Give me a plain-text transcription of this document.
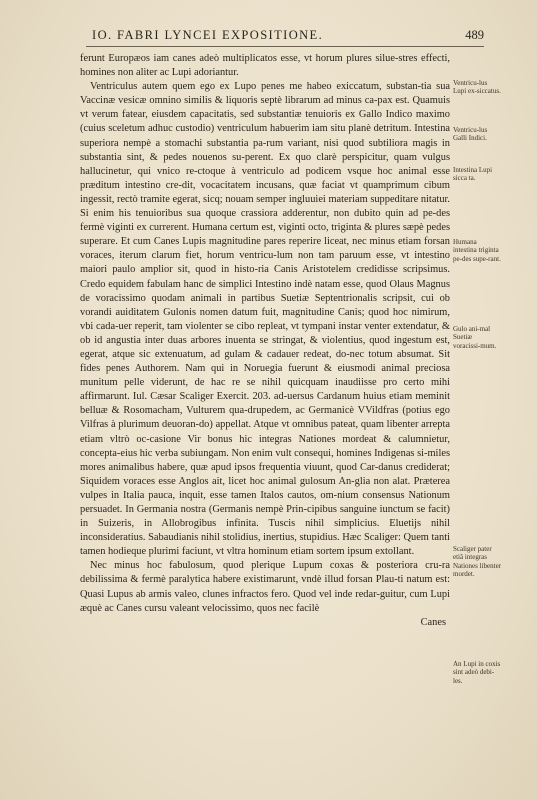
IO. FABRI LYNCEI EXPOSITIONE.	489

ferunt Europæos iam canes adeò multiplicatos esse, vt horum plures silue-stres effecti, homines non aliter ac Lupi adoriantur.

Ventriculus autem quem ego ex Lupo penes me habeo exiccatum, substan-tia sua Vaccinæ vesicæ omnino similis & liquoris septè librarum ad minus ca-pax est. Quamuis vt verum fatear, eiusdem capacitatis, sed substantiæ tenuioris ex Gallo Indico maximo (cuius sceletum adhuc custodio) ventriculum habuerim iam situ planè detritum. Intestina superiora nempè a stomachi substantia pa-rum variant, nisi quod subtiliora magis in substantia sint, & pedes nouenos su-perent. Ex quo clarè perspicitur, quam vulgus hallucinetur, qui vnico re-ctoque à ventriculo ad podicem vsque hoc animal esse præditum intestino cre-dit, vocacitatem incusans, quæ faciat vt quamprimum cibum ingessit, rectò tramite egerat, sicq; nouam semper ingluuiei materiam suppeditare nitatur. Si enim his tenuioribus sua quoque crassiora adderentur, non dubito quin ad pe-des fermè viginti ex currerent. Humana certum est, viginti octo, triginta & plures sæpè pedes superare. Et cum Canes Lupis magnitudine pares reperire liceat, nec minus etiam forsan voraces, iterum clarum fiet, horum ventricu-lum non tam paruum esse, vt intestino maiori paulo amplior sit, quod in histo-ria Canis Aristotelem credidisse scripsimus. Credo equidem fabulam hanc de simplici Intestino indè natam esse, quod Olaus Magnus de voracissimo quodam animali in partibus Suetiæ Septentrionalis scripsit, cui ob vorandi auiditatem Gulonis nomen datum fuit, magnitudine Canis; quod hoc nimirum, vbi cada-uer reperit, tam violenter se cibo repleat, vt tympani instar venter extendatur, & ob id angustia inter duas arbores inuenta se stringat, & violentius, quod ingestum est, egerat, atque sic extenuatum, ad gulam & cadauer redeat, do-nec totum absumat. Sit fides penes Authorem. Nam qui in Noruegia fuerunt & eiusmodi animal preciosa munitum pelle viderunt, de hac re se nihil quicquam inaudiisse pro certo mihi affirmarunt. Iul. Cæsar Scaliger Exercit. 203. ad-uersus Cardanum huius etiam meminit belluæ & Rosomacham, Vulturem qua-drupedem, ac Germanicè VVildfras (potius ego Vilfras à plurimum deuoran-do) appellat. Atque vt omnibus pateat, quam libenter arrepta etiam vltrò oc-casione Vir bonus hic integras Nationes mordeat & calumnietur, concepta-eius hic verba subiungam. Non enim vult consequi, homines Indigenas si-miles mores animalibus habere, quæ apud ipsos frequentia viuunt, quod Car-danus crediderat; Siquidem voraces esse Anglos ait, licet hoc animal gulosum An-glia non alat. Præterea vulpes in Italia pauca, inquit, esse tamen Italos cautos, om-nium consensus Nationum persuadet. In Germania nostra (Germanis nempè Prin-cipibus sanguine iunctum se facit) in Suizeris, in Allobrogibus infinita. Tuscis nihil simplicius. Eluetijs nihil inconsideratius. Sabaudianis nihil stolidius, inertius, stupidius. Hæc Scaliger: Quem tanti tamen hodieque plurimi faciunt, vt vltra hominum etiam sortem ipsum extollant.

Nec minus hoc fabulosum, quod plerique Lupum coxas & posteriora cru-ra debilissima & fermè paralytica habere existimarunt, vndè illud forsan Plau-ti natum est: Quasi Lupus ab armis valeo, clunes infractos fero. Quod vel inde redar-guitur, cum Lupi æquè ac Canes cursu valeant velocissimo, quos nec facilè

Canes
Ventricu-lus Lupi ex-siccatus.
Ventricu-lus Galli Indici.
Intestina Lupi sicca ta.
Humana intestina triginta pe-des supe-rant.
Gulo ani-mal Suetiæ voracissi-mum.
Scaliger pater etiã integras Nationes libenter mordet.
An Lupi in coxis sint adeò debi-les.
